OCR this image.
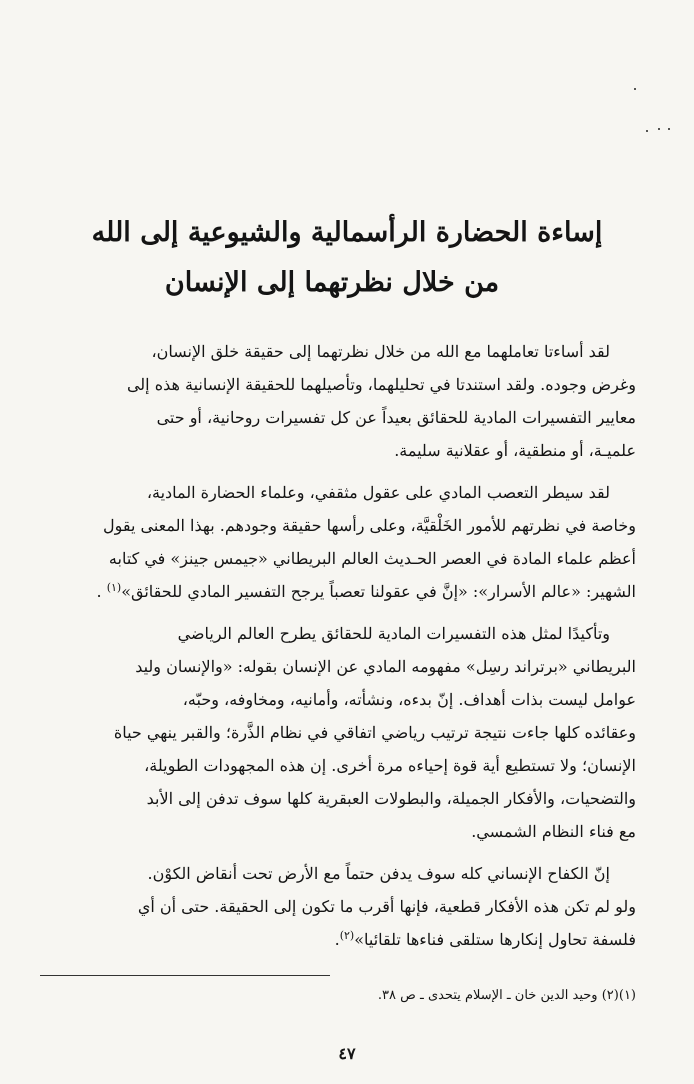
إساءة الحضارة الرأسمالية والشيوعية إلى الله
من خلال نظرتهما إلى الإنسان

لقد أساءتا تعاملهما مع الله من خلال نظرتهما إلى حقيقة خلق الإنسان،
وغرض وجوده. ولقد استندتا في تحليلهما، وتأصيلهما للحقيقة الإنسانية هذه إلى
معايير التفسيرات المادية للحقائق بعيداً عن كل تفسيرات روحانية، أو حتى
علميـة، أو منطقية، أو عقلانية سليمة.

لقد سيطر التعصب المادي على عقول مثقفي، وعلماء الحضارة المادية،
وخاصة في نظرتهم للأمور الخَلْقيَّة، وعلى رأسها حقيقة وجودهم. بهذا المعنى يقول
أعظم علماء المادة في العصر الحـديث العالم البريطاني «جيمس جينز» في كتابه
الشهير: «عالم الأسرار»: «إنَّ في عقولنا تعصباً يرجح التفسير المادي للحقائق»$^{(١)}$ .

وتأكيدًا لمثل هذه التفسيرات المادية للحقائق يطرح العالم الرياضي
البريطاني «برتراند رسِل» مفهومه المادي عن الإنسان بقوله: «والإنسان وليد
عوامل ليست بذات أهداف. إنّ بدءه، ونشأته، وأمانيه، ومخاوفه، وحبّه،
وعقائده كلها جاءت نتيجة ترتيب رياضي اتفاقي في نظام الذَّرة؛ والقبر ينهي حياة
الإنسان؛ ولا تستطيع أية قوة إحياءه مرة أخرى. إن هذه المجهودات الطويلة،
والتضحيات، والأفكار الجميلة، والبطولات العبقرية كلها سوف تدفن إلى الأبد
مع فناء النظام الشمسي.

إنّ الكفاح الإنساني كله سوف يدفن حتماً مع الأرض تحت أنقاض الكوْن.
ولو لم تكن هذه الأفكار قطعية، فإنها أقرب ما تكون إلى الحقيقة. حتى أن أي
فلسفة تحاول إنكارها ستلقى فناءها تلقائيا»$^{(٢)}$.

(١)(٢) وحيد الدين خان ـ الإسلام يتحدى ـ ص ٣٨.
٤٧
